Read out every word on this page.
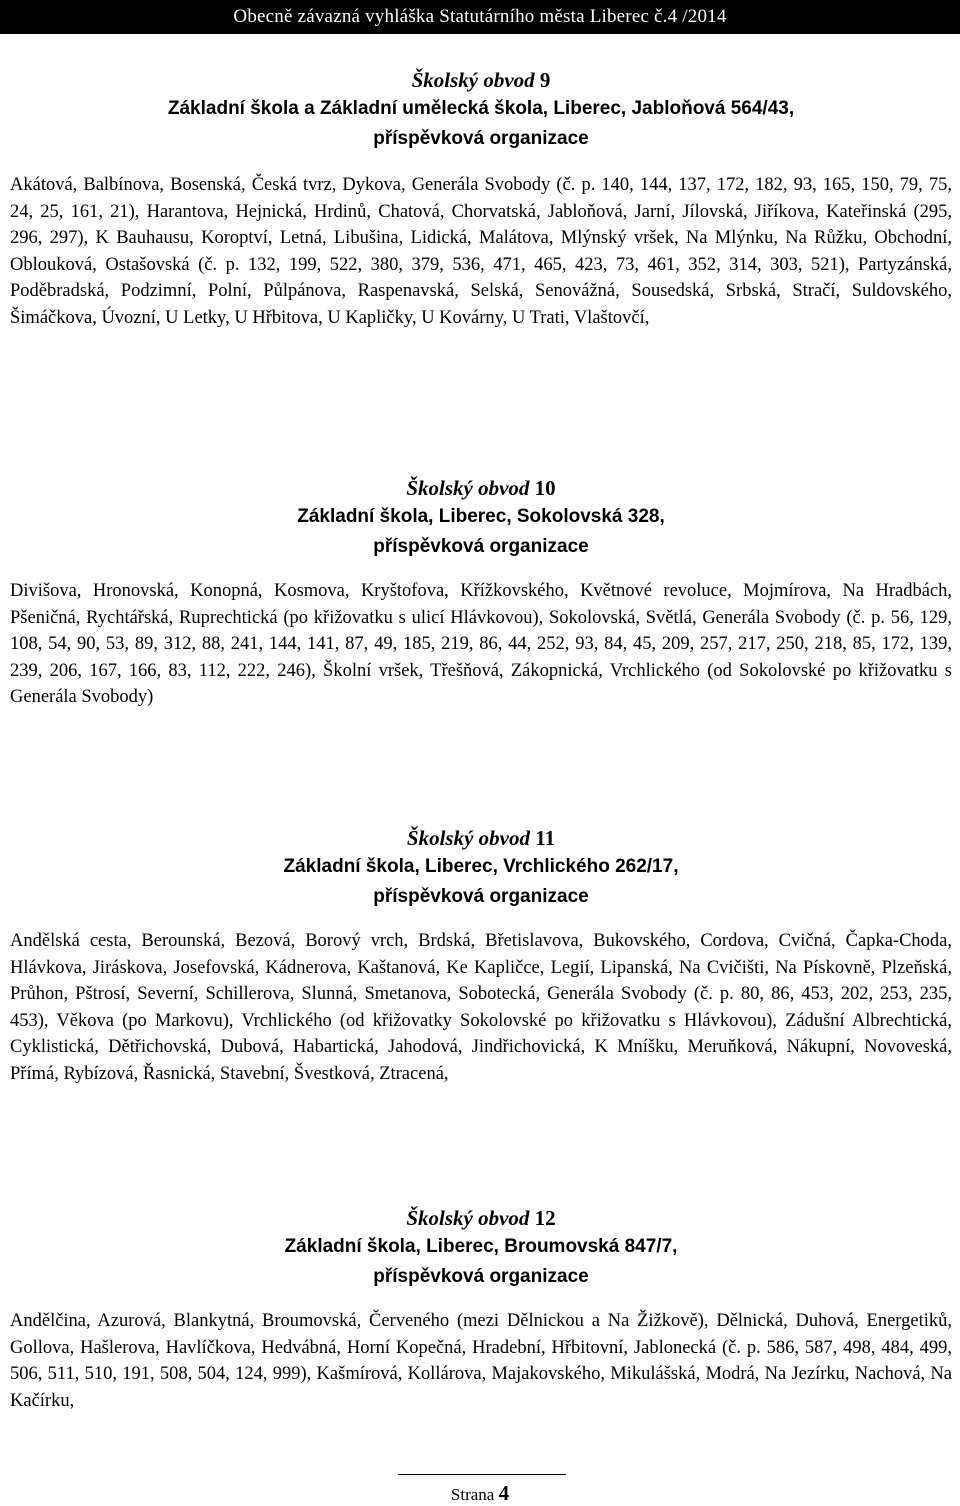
Obecně závazná vyhláška Statutárního města Liberec č.4 /2014
Školský obvod 9
Základní škola a Základní umělecká škola, Liberec, Jabloňová 564/43,
příspěvková organizace
Akátová, Balbínova, Bosenská, Česká tvrz, Dykova, Generála Svobody (č. p. 140, 144, 137, 172, 182, 93, 165, 150, 79, 75, 24, 25, 161, 21), Harantova, Hejnická, Hrdinů, Chatová, Chorvatská, Jabloňová, Jarní, Jílovská, Jiříkova, Kateřinská (295, 296, 297), K Bauhausu, Koroptví, Letná, Libušina, Lidická, Malátova, Mlýnský vršek, Na Mlýnku, Na Růžku, Obchodní, Oblouková, Ostašovská (č. p. 132, 199, 522, 380, 379, 536, 471, 465, 423, 73, 461, 352, 314, 303, 521), Partyzánská, Poděbradská, Podzimní, Polní, Půlpánova, Raspenavská, Selská, Senovážná, Sousedská, Srbská, Stračí, Suldovského, Šimáčkova, Úvozní, U Letky, U Hřbitova, U Kapličky, U Kovárny, U Trati, Vlaštovčí,
Školský obvod 10
Základní škola, Liberec, Sokolovská 328,
příspěvková organizace
Divišova, Hronovská, Konopná, Kosmova, Kryštofova, Křížkovského, Květnové revoluce, Mojmírova, Na Hradbách, Pšeničná, Rychtářská, Ruprechtická (po křižovatku s ulicí Hlávkovou), Sokolovská, Světlá, Generála Svobody (č. p. 56, 129, 108, 54, 90, 53, 89, 312, 88, 241, 144, 141, 87, 49, 185, 219, 86, 44, 252, 93, 84, 45, 209, 257, 217, 250, 218, 85, 172, 139, 239, 206, 167, 166, 83, 112, 222, 246), Školní vršek, Třešňová, Zákopnická, Vrchlického (od Sokolovské po křižovatku s Generála Svobody)
Školský obvod 11
Základní škola, Liberec, Vrchlického 262/17,
příspěvková organizace
Andělská cesta, Berounská, Bezová, Borový vrch, Brdská, Břetislavova, Bukovského, Cordova, Cvičná, Čapka-Choda, Hlávkova, Jiráskova, Josefovská, Kádnerova, Kaštanová, Ke Kapličce, Legií, Lipanská, Na Cvičišti, Na Pískovně, Plzeňská, Průhon, Pštrosí, Severní, Schillerova, Slunná, Smetanova, Sobotecká, Generála Svobody (č. p. 80, 86, 453, 202, 253, 235, 453), Věkova (po Markovu), Vrchlického (od křižovatky Sokolovské po křižovatku s Hlávkovou), Zádušní Albrechtická, Cyklistická, Dětřichovská, Dubová, Habartická, Jahodová, Jindřichovická, K Mníšku, Meruňková, Nákupní, Novoveská, Přímá, Rybízová, Řasnická, Stavební, Švestková, Ztracená,
Školský obvod 12
Základní škola, Liberec, Broumovská 847/7,
příspěvková organizace
Andělčina, Azurová, Blankytná, Broumovská, Červeného (mezi Dělnickou a Na Žižkově), Dělnická, Duhová, Energetiků, Gollova, Hašlerova, Havlíčkova, Hedvábná, Horní Kopečná, Hradební, Hřbitovní, Jablonecká (č. p. 586, 587, 498, 484, 499, 506, 511, 510, 191, 508, 504, 124, 999), Kašmírová, Kollárova, Majakovského, Mikulášská, Modrá, Na Jezírku, Nachová, Na Kačírku,
Strana 4
